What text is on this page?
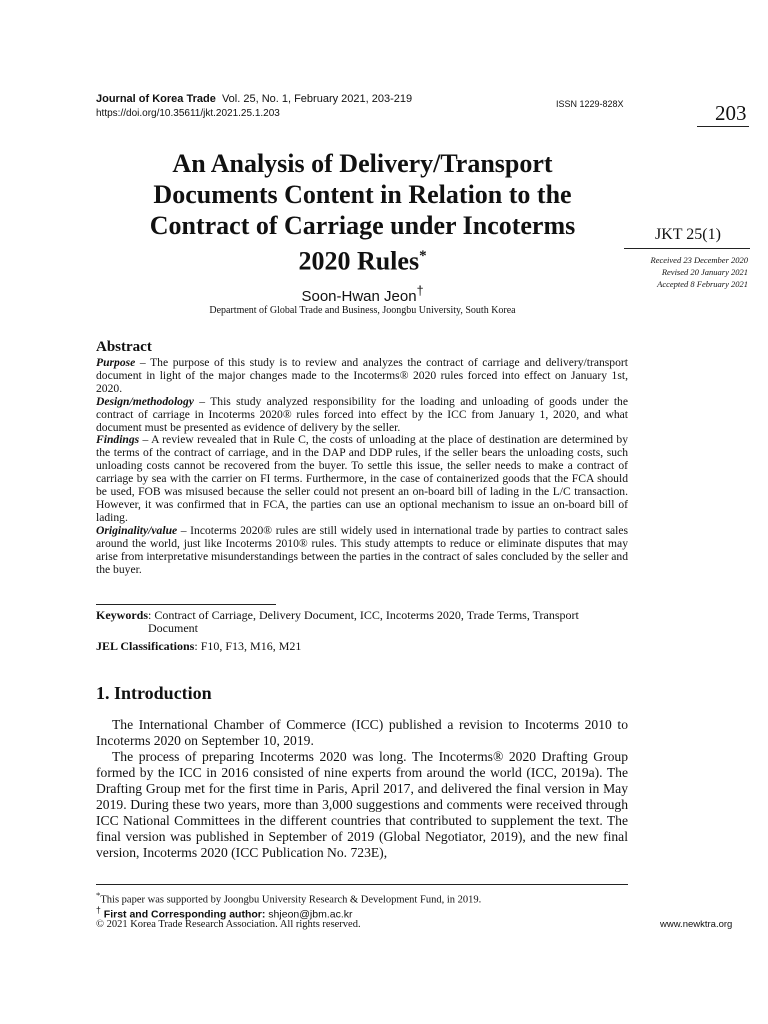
Journal of Korea Trade Vol. 25, No. 1, February 2021, 203-219
https://doi.org/10.35611/jkt.2021.25.1.203
ISSN 1229-828X	203
An Analysis of Delivery/Transport
Documents Content in Relation to the
Contract of Carriage under Incoterms
2020 Rules*
Soon-Hwan Jeon†
Department of Global Trade and Business, Joongbu University, South Korea
JKT 25(1)
Received 23 December 2020
Revised 20 January 2021
Accepted 8 February 2021
Abstract

Purpose – The purpose of this study is to review and analyzes the contract of carriage and delivery/transport document in light of the major changes made to the Incoterms® 2020 rules forced into effect on January 1st, 2020.

Design/methodology – This study analyzed responsibility for the loading and unloading of goods under the contract of carriage in Incoterms 2020® rules forced into effect by the ICC from January 1, 2020, and what document must be presented as evidence of delivery by the seller.

Findings – A review revealed that in Rule C, the costs of unloading at the place of destination are determined by the terms of the contract of carriage, and in the DAP and DDP rules, if the seller bears the unloading costs, such unloading costs cannot be recovered from the buyer. To settle this issue, the seller needs to make a contract of carriage by sea with the carrier on FI terms. Furthermore, in the case of containerized goods that the FCA should be used, FOB was misused because the seller could not present an on-board bill of lading in the L/C transaction. However, it was confirmed that in FCA, the parties can use an optional mechanism to issue an on-board bill of lading.

Originality/value – Incoterms 2020® rules are still widely used in international trade by parties to contract sales around the world, just like Incoterms 2010® rules. This study attempts to reduce or eliminate disputes that may arise from interpretative misunderstandings between the parties in the contract of sales concluded by the seller and the buyer.

Keywords : Contract of Carriage, Delivery Document, ICC, Incoterms 2020, Trade Terms, Transport Document
JEL Classifications: F10, F13, M16, M21
1. Introduction

The International Chamber of Commerce (ICC) published a revision to Incoterms 2010 to Incoterms 2020 on September 10, 2019.

The process of preparing Incoterms 2020 was long. The Incoterms® 2020 Drafting Group formed by the ICC in 2016 consisted of nine experts from around the world (ICC, 2019a). The Drafting Group met for the first time in Paris, April 2017, and delivered the final version in May 2019. During these two years, more than 3,000 suggestions and comments were received through ICC National Committees in the different countries that contributed to supplement the text. The final version was published in September of 2019 (Global Negotiator, 2019), and the new final version, Incoterms 2020 (ICC Publication No. 723E),

*This paper was supported by Joongbu University Research & Development Fund, in 2019.
† First and Corresponding author: shjeon@jbm.ac.kr
© 2021 Korea Trade Research Association. All rights reserved.	www.newktra.org
